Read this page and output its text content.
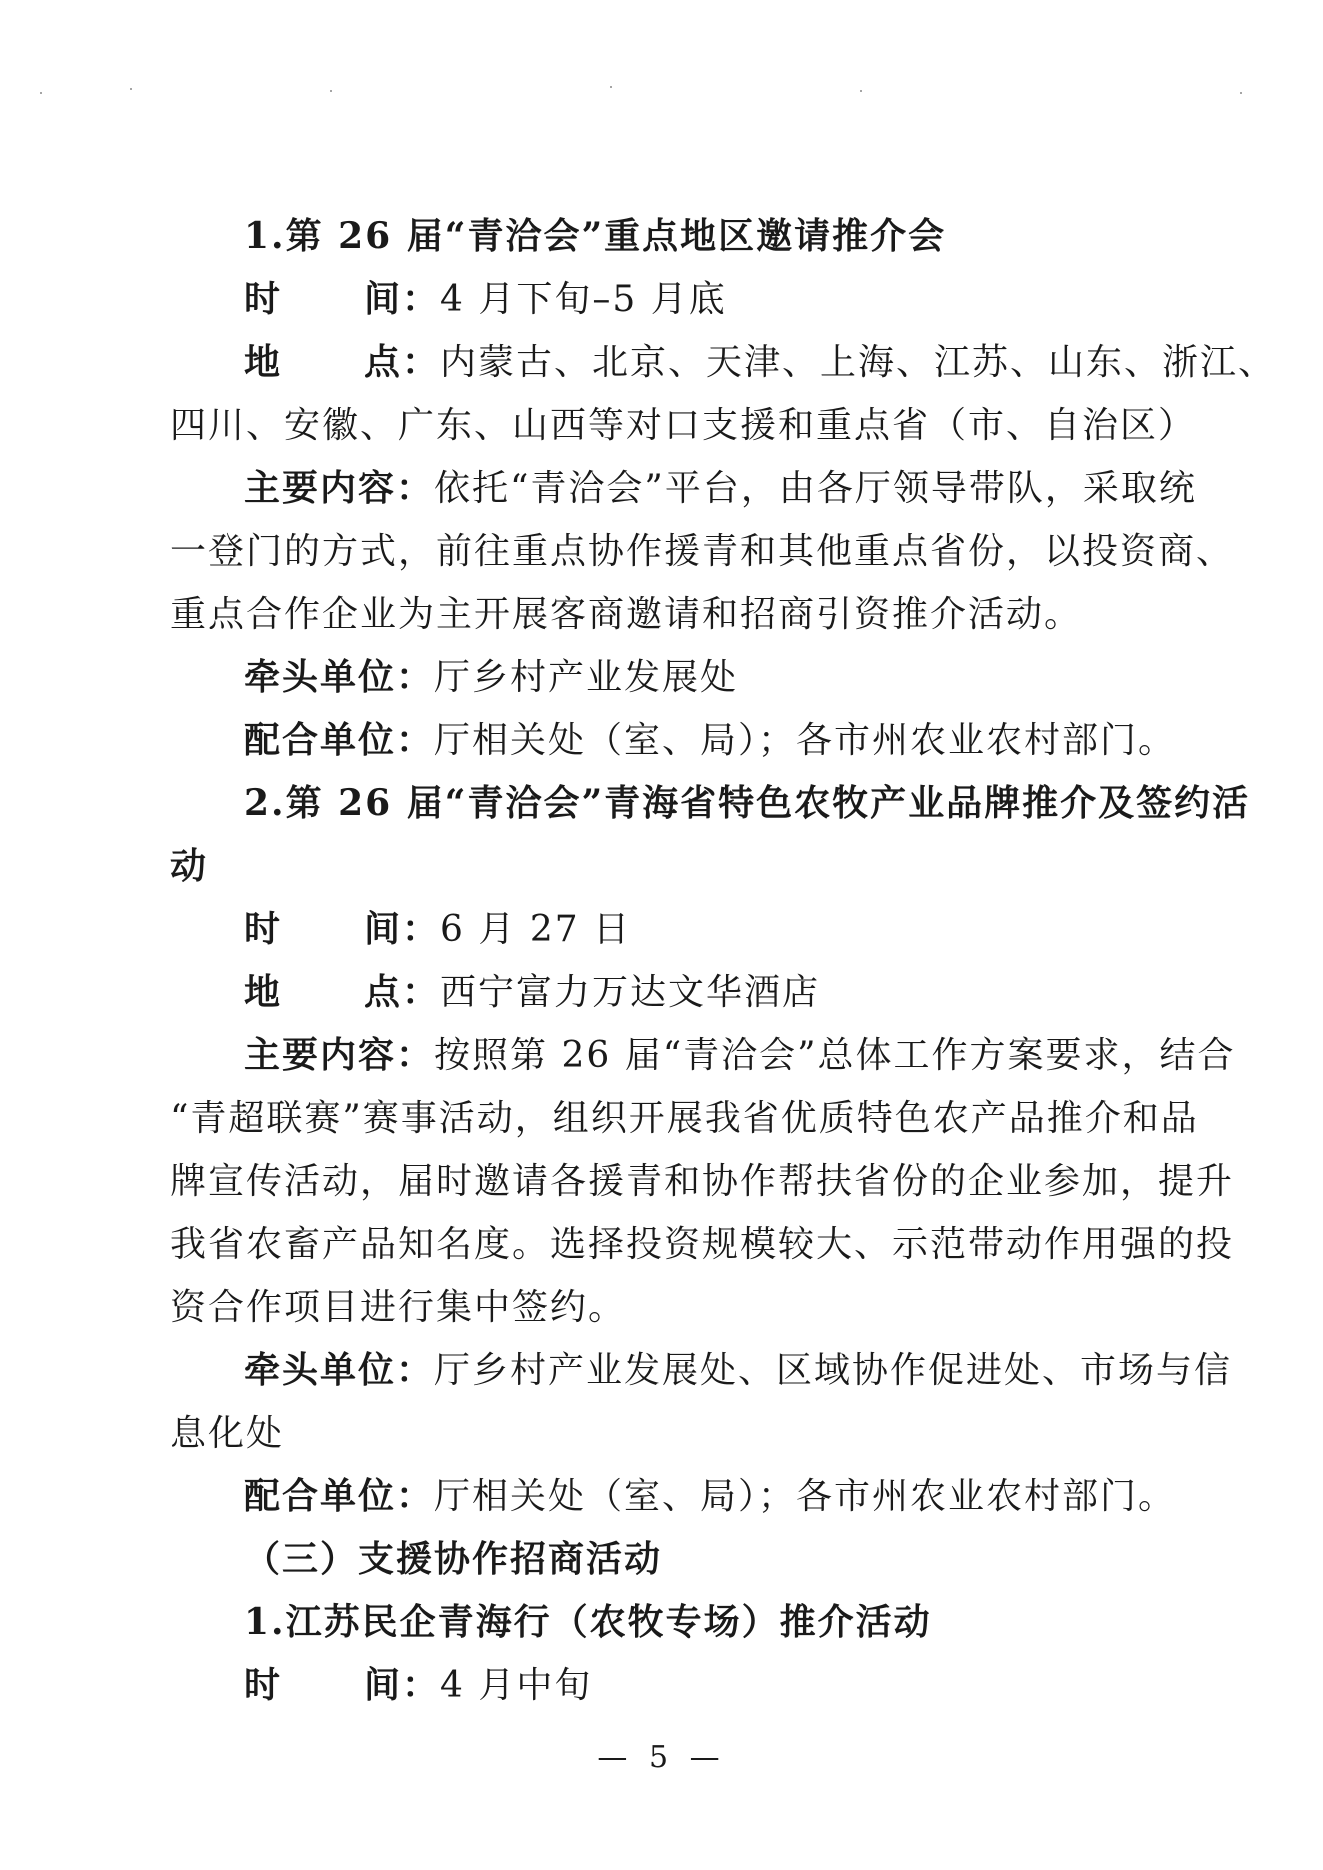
1.第 26 届“青洽会”重点地区邀请推介会
时 间：4 月下旬–5 月底
地 点：内蒙古、北京、天津、上海、江苏、山东、浙江、
四川、安徽、广东、山西等对口支援和重点省（市、自治区）
主要内容：依托“青洽会”平台，由各厅领导带队，采取统
一登门的方式，前往重点协作援青和其他重点省份，以投资商、
重点合作企业为主开展客商邀请和招商引资推介活动。
牵头单位：厅乡村产业发展处
配合单位：厅相关处（室、局）；各市州农业农村部门。
2.第 26 届“青洽会”青海省特色农牧产业品牌推介及签约活
动
时 间：6 月 27 日
地 点：西宁富力万达文华酒店
主要内容：按照第 26 届“青洽会”总体工作方案要求，结合
“青超联赛”赛事活动，组织开展我省优质特色农产品推介和品
牌宣传活动，届时邀请各援青和协作帮扶省份的企业参加，提升
我省农畜产品知名度。选择投资规模较大、示范带动作用强的投
资合作项目进行集中签约。
牵头单位：厅乡村产业发展处、区域协作促进处、市场与信
息化处
配合单位：厅相关处（室、局）；各市州农业农村部门。
（三）支援协作招商活动
1.江苏民企青海行（农牧专场）推介活动
时 间：4 月中旬
— 5 —
